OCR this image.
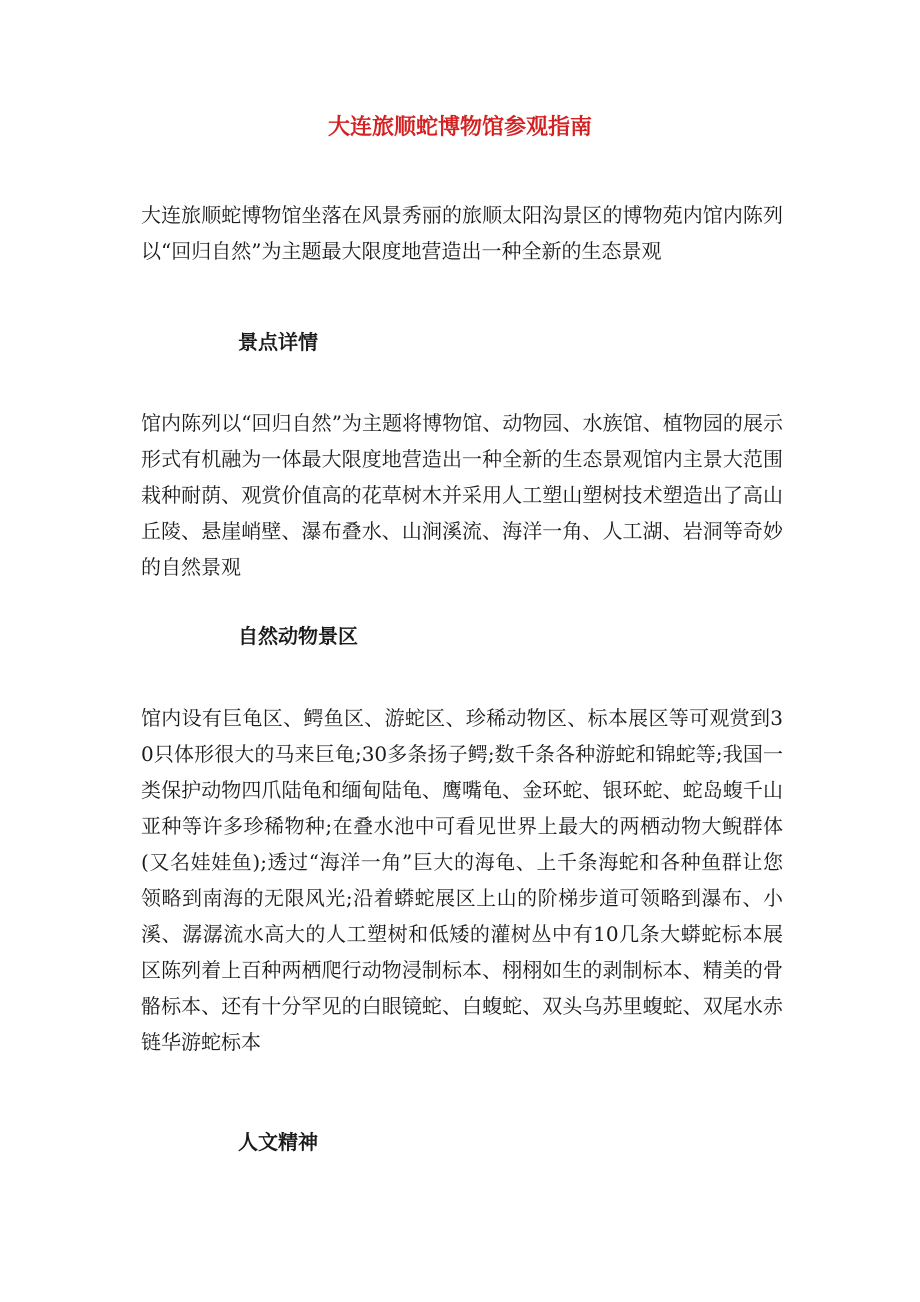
大连旅顺蛇博物馆参观指南

大连旅顺蛇博物馆坐落在风景秀丽的旅顺太阳沟景区的博物苑内馆内陈列以“回归自然”为主题最大限度地营造出一种全新的生态景观

景点详情

馆内陈列以“回归自然”为主题将博物馆、动物园、水族馆、植物园的展示形式有机融为一体最大限度地营造出一种全新的生态景观馆内主景大范围栽种耐荫、观赏价值高的花草树木并采用人工塑山塑树技术塑造出了高山丘陵、悬崖峭壁、瀑布叠水、山涧溪流、海洋一角、人工湖、岩洞等奇妙的自然景观

自然动物景区

馆内设有巨龟区、鳄鱼区、游蛇区、珍稀动物区、标本展区等可观赏到30只体形很大的马来巨龟;30多条扬子鳄;数千条各种游蛇和锦蛇等;我国一类保护动物四爪陆龟和缅甸陆龟、鹰嘴龟、金环蛇、银环蛇、蛇岛蝮千山亚种等许多珍稀物种;在叠水池中可看见世界上最大的两栖动物大鲵群体(又名娃娃鱼);透过“海洋一角”巨大的海龟、上千条海蛇和各种鱼群让您领略到南海的无限风光;沿着蟒蛇展区上山的阶梯步道可领略到瀑布、小溪、潺潺流水高大的人工塑树和低矮的灌树丛中有10几条大蟒蛇标本展区陈列着上百种两栖爬行动物浸制标本、栩栩如生的剥制标本、精美的骨骼标本、还有十分罕见的白眼镜蛇、白蝮蛇、双头乌苏里蝮蛇、双尾水赤链华游蛇标本

人文精神
